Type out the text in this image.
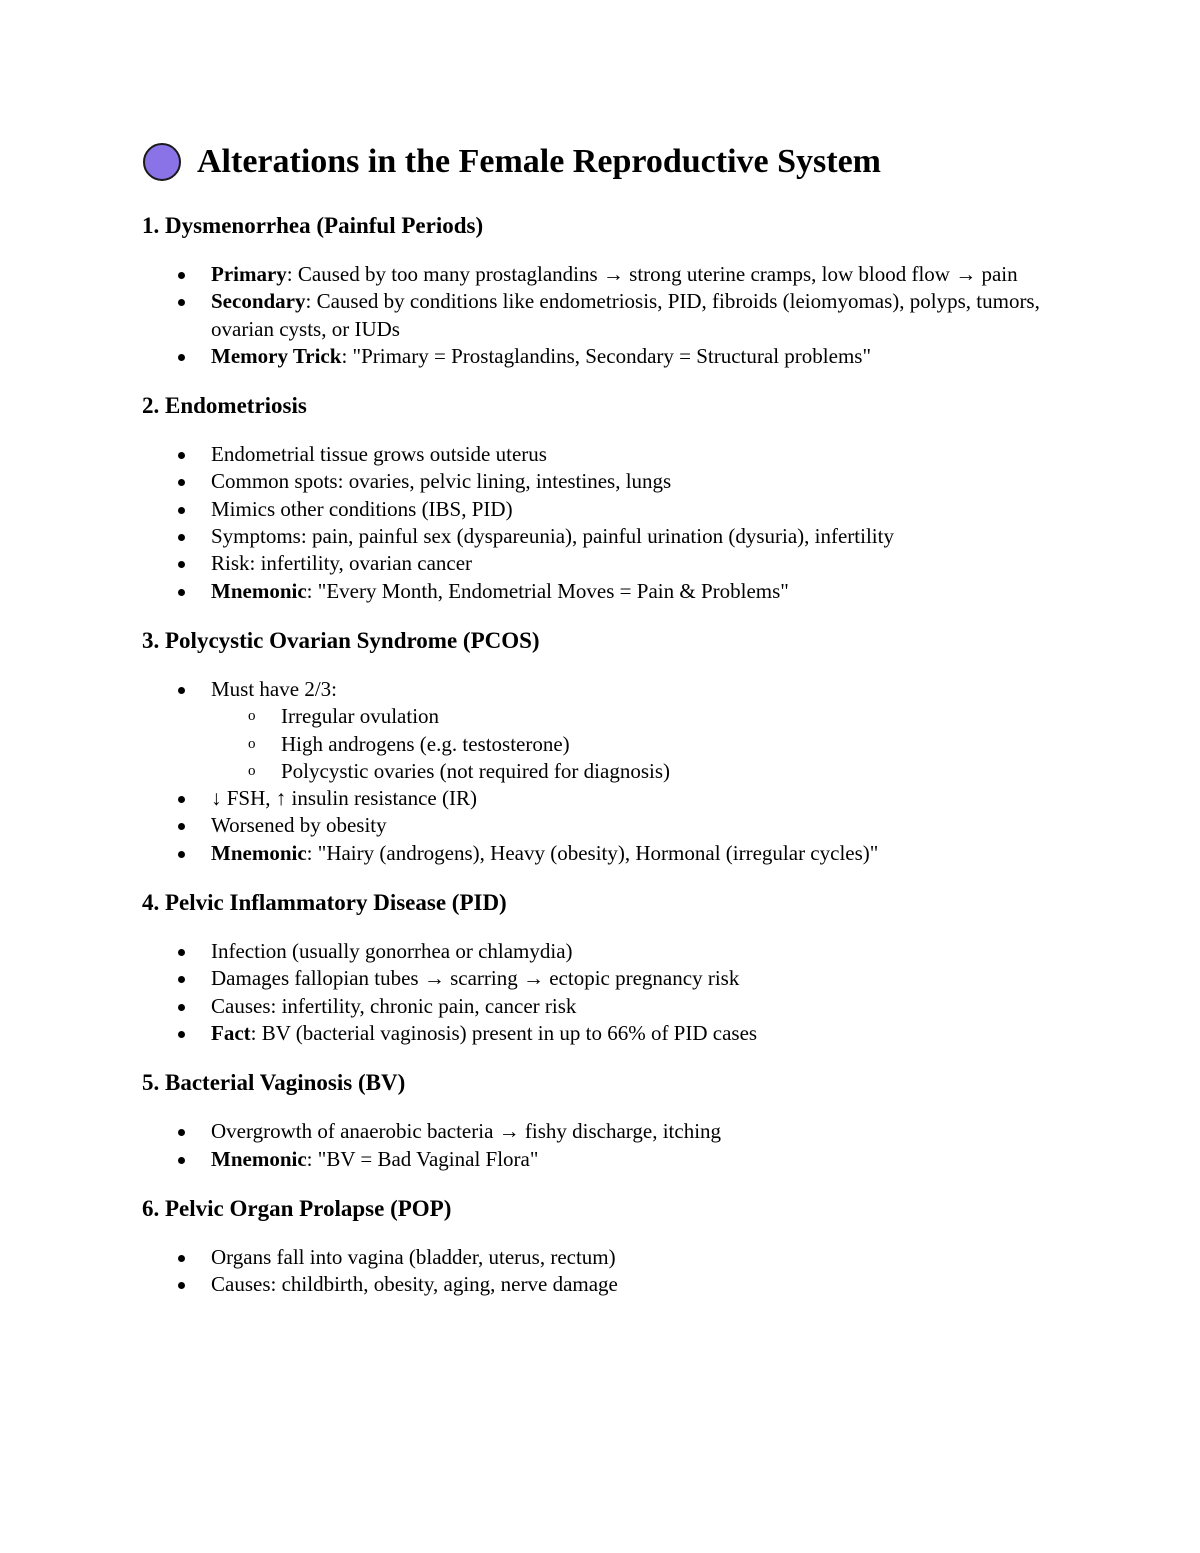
Alterations in the Female Reproductive System
1. Dysmenorrhea (Painful Periods)
Primary: Caused by too many prostaglandins → strong uterine cramps, low blood flow → pain
Secondary: Caused by conditions like endometriosis, PID, fibroids (leiomyomas), polyps, tumors, ovarian cysts, or IUDs
Memory Trick: "Primary = Prostaglandins, Secondary = Structural problems"
2. Endometriosis
Endometrial tissue grows outside uterus
Common spots: ovaries, pelvic lining, intestines, lungs
Mimics other conditions (IBS, PID)
Symptoms: pain, painful sex (dyspareunia), painful urination (dysuria), infertility
Risk: infertility, ovarian cancer
Mnemonic: "Every Month, Endometrial Moves = Pain & Problems"
3. Polycystic Ovarian Syndrome (PCOS)
Must have 2/3:
o Irregular ovulation
o High androgens (e.g. testosterone)
o Polycystic ovaries (not required for diagnosis)
↓ FSH, ↑ insulin resistance (IR)
Worsened by obesity
Mnemonic: "Hairy (androgens), Heavy (obesity), Hormonal (irregular cycles)"
4. Pelvic Inflammatory Disease (PID)
Infection (usually gonorrhea or chlamydia)
Damages fallopian tubes → scarring → ectopic pregnancy risk
Causes: infertility, chronic pain, cancer risk
Fact: BV (bacterial vaginosis) present in up to 66% of PID cases
5. Bacterial Vaginosis (BV)
Overgrowth of anaerobic bacteria → fishy discharge, itching
Mnemonic: "BV = Bad Vaginal Flora"
6. Pelvic Organ Prolapse (POP)
Organs fall into vagina (bladder, uterus, rectum)
Causes: childbirth, obesity, aging, nerve damage
